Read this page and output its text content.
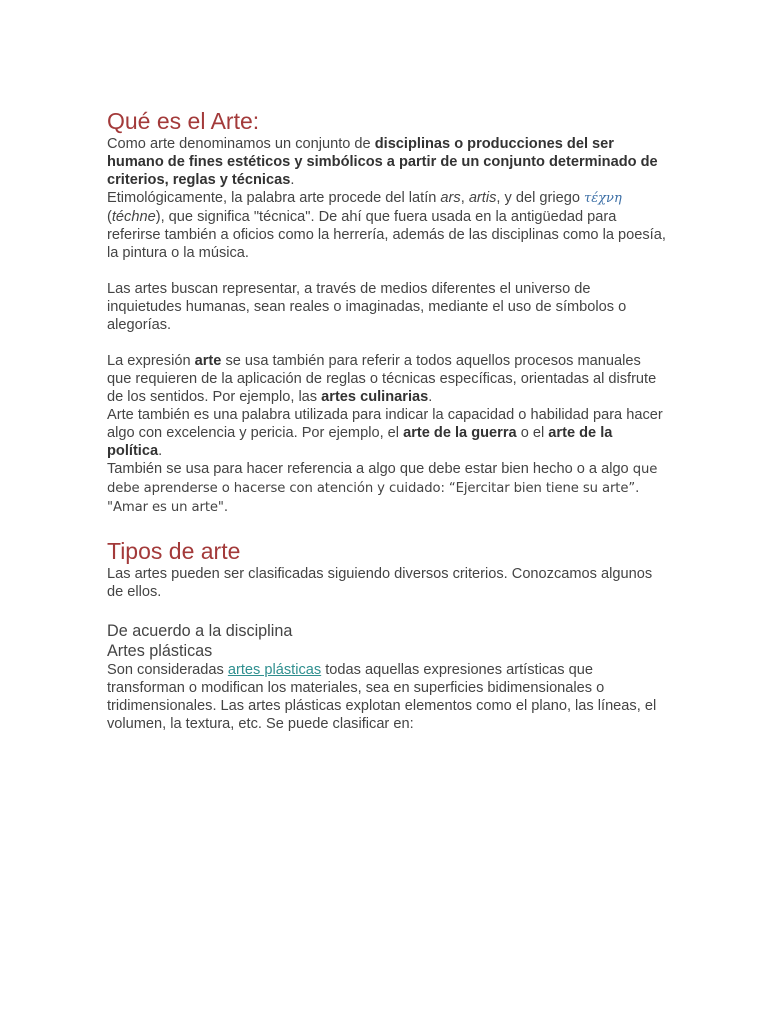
Qué es el Arte:

Como arte denominamos un conjunto de disciplinas o producciones del ser humano de fines estéticos y simbólicos a partir de un conjunto determinado de criterios, reglas y técnicas.

Etimológicamente, la palabra arte procede del latín ars, artis, y del griego τέχνη (téchne), que significa "técnica". De ahí que fuera usada en la antigüedad para referirse también a oficios como la herrería, además de las disciplinas como la poesía, la pintura o la música.

Las artes buscan representar, a través de medios diferentes el universo de inquietudes humanas, sean reales o imaginadas, mediante el uso de símbolos o alegorías.

La expresión arte se usa también para referir a todos aquellos procesos manuales que requieren de la aplicación de reglas o técnicas específicas, orientadas al disfrute de los sentidos. Por ejemplo, las artes culinarias.

Arte también es una palabra utilizada para indicar la capacidad o habilidad para hacer algo con excelencia y pericia. Por ejemplo, el arte de la guerra o el arte de la política.

También se usa para hacer referencia a algo que debe estar bien hecho o a algo que debe aprenderse o hacerse con atención y cuidado: “Ejercitar bien tiene su arte”. "Amar es un arte".

Tipos de arte

Las artes pueden ser clasificadas siguiendo diversos criterios. Conozcamos algunos de ellos.

De acuerdo a la disciplina
Artes plásticas

Son consideradas artes plásticas todas aquellas expresiones artísticas que transforman o modifican los materiales, sea en superficies bidimensionales o tridimensionales. Las artes plásticas explotan elementos como el plano, las líneas, el volumen, la textura, etc. Se puede clasificar en:
